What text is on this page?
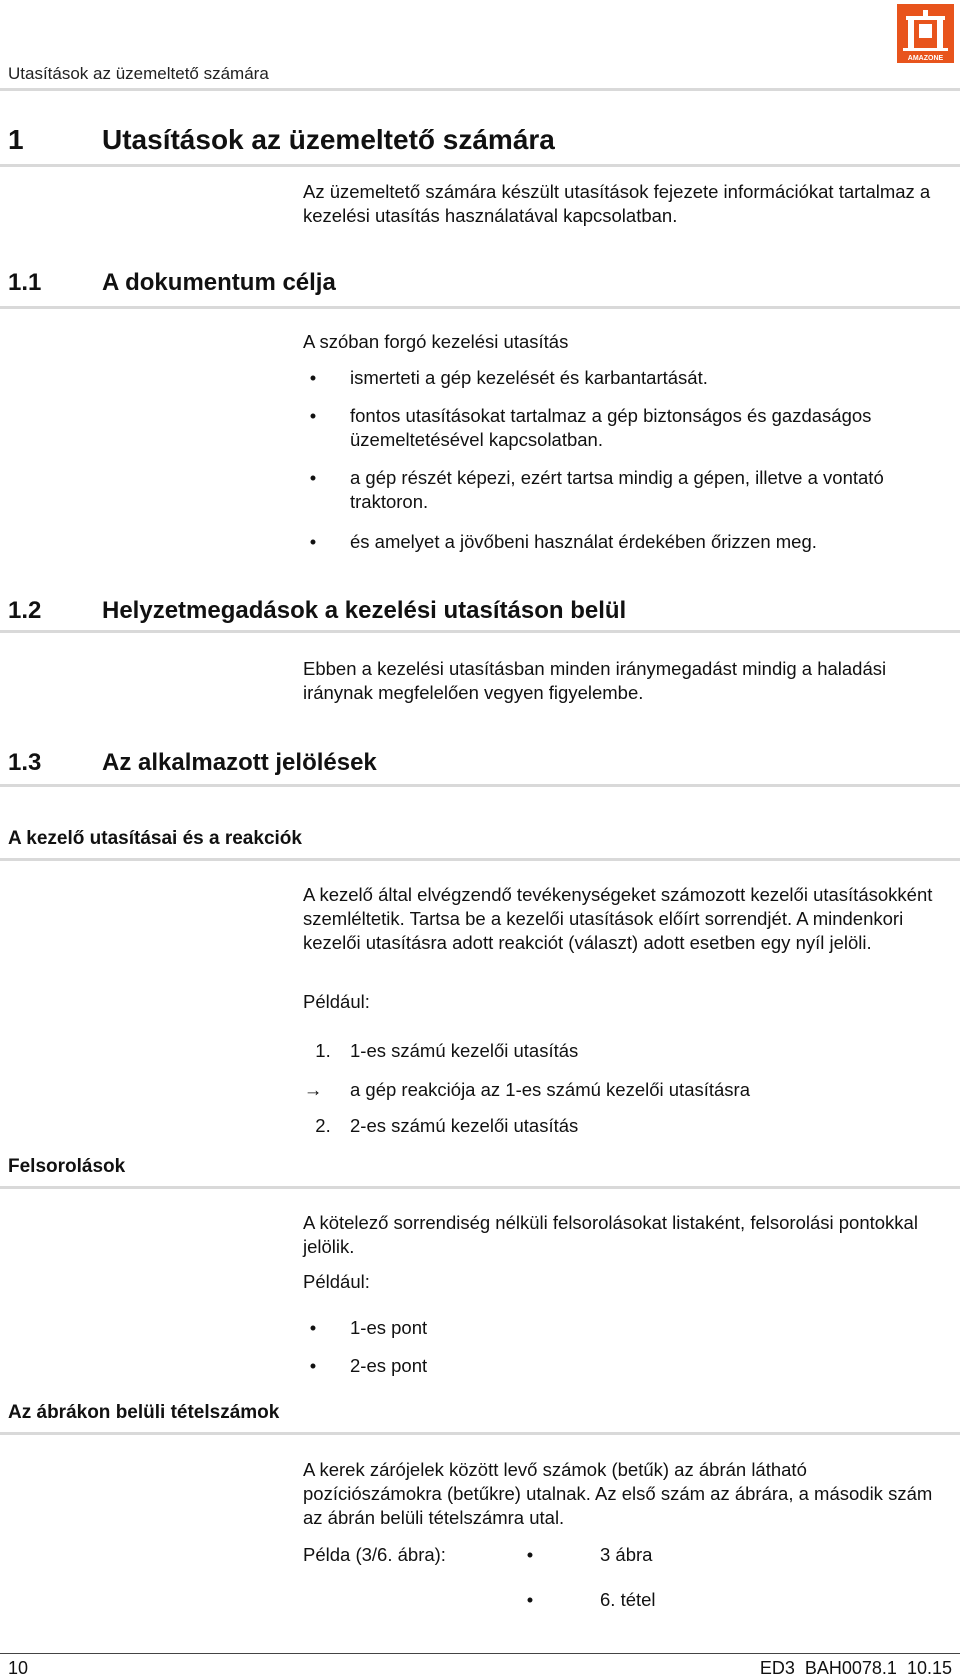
Utasítások az üzemeltető számára
AMAZONE
1	Utasítások az üzemeltető számára
Az üzemeltető számára készült utasítások fejezete információkat tartalmaz a kezelési utasítás használatával kapcsolatban.
1.1	A dokumentum célja
A szóban forgó kezelési utasítás
•	ismerteti a gép kezelését és karbantartását.
•	fontos utasításokat tartalmaz a gép biztonságos és gazdaságos üzemeltetésével kapcsolatban.
•	a gép részét képezi, ezért tartsa mindig a gépen, illetve a vontató traktoron.
•	és amelyet a jövőbeni használat érdekében őrizzen meg.
1.2	Helyzetmegadások a kezelési utasításon belül
Ebben a kezelési utasításban minden iránymegadást mindig a haladási iránynak megfelelően vegyen figyelembe.
1.3	Az alkalmazott jelölések
A kezelő utasításai és a reakciók
A kezelő által elvégzendő tevékenységeket számozott kezelői utasításokként szemléltetik. Tartsa be a kezelői utasítások előírt sorrendjét. A mindenkori kezelői utasításra adott reakciót (választ) adott esetben egy nyíl jelöli.
Például:
1. 1-es számú kezelői utasítás
→ a gép reakciója az 1-es számú kezelői utasításra
2. 2-es számú kezelői utasítás
Felsorolások
A kötelező sorrendiség nélküli felsorolásokat listaként, felsorolási pontokkal jelölik.
Például:
•	1-es pont
•	2-es pont
Az ábrákon belüli tételszámok
A kerek zárójelek között levő számok (betűk) az ábrán látható pozíciószámokra (betűkre) utalnak. Az első szám az ábrára, a második szám az ábrán belüli tételszámra utal.
Példa (3/6. ábra):	•	3 ábra
•	6. tétel
10	ED3  BAH0078.1  10.15
